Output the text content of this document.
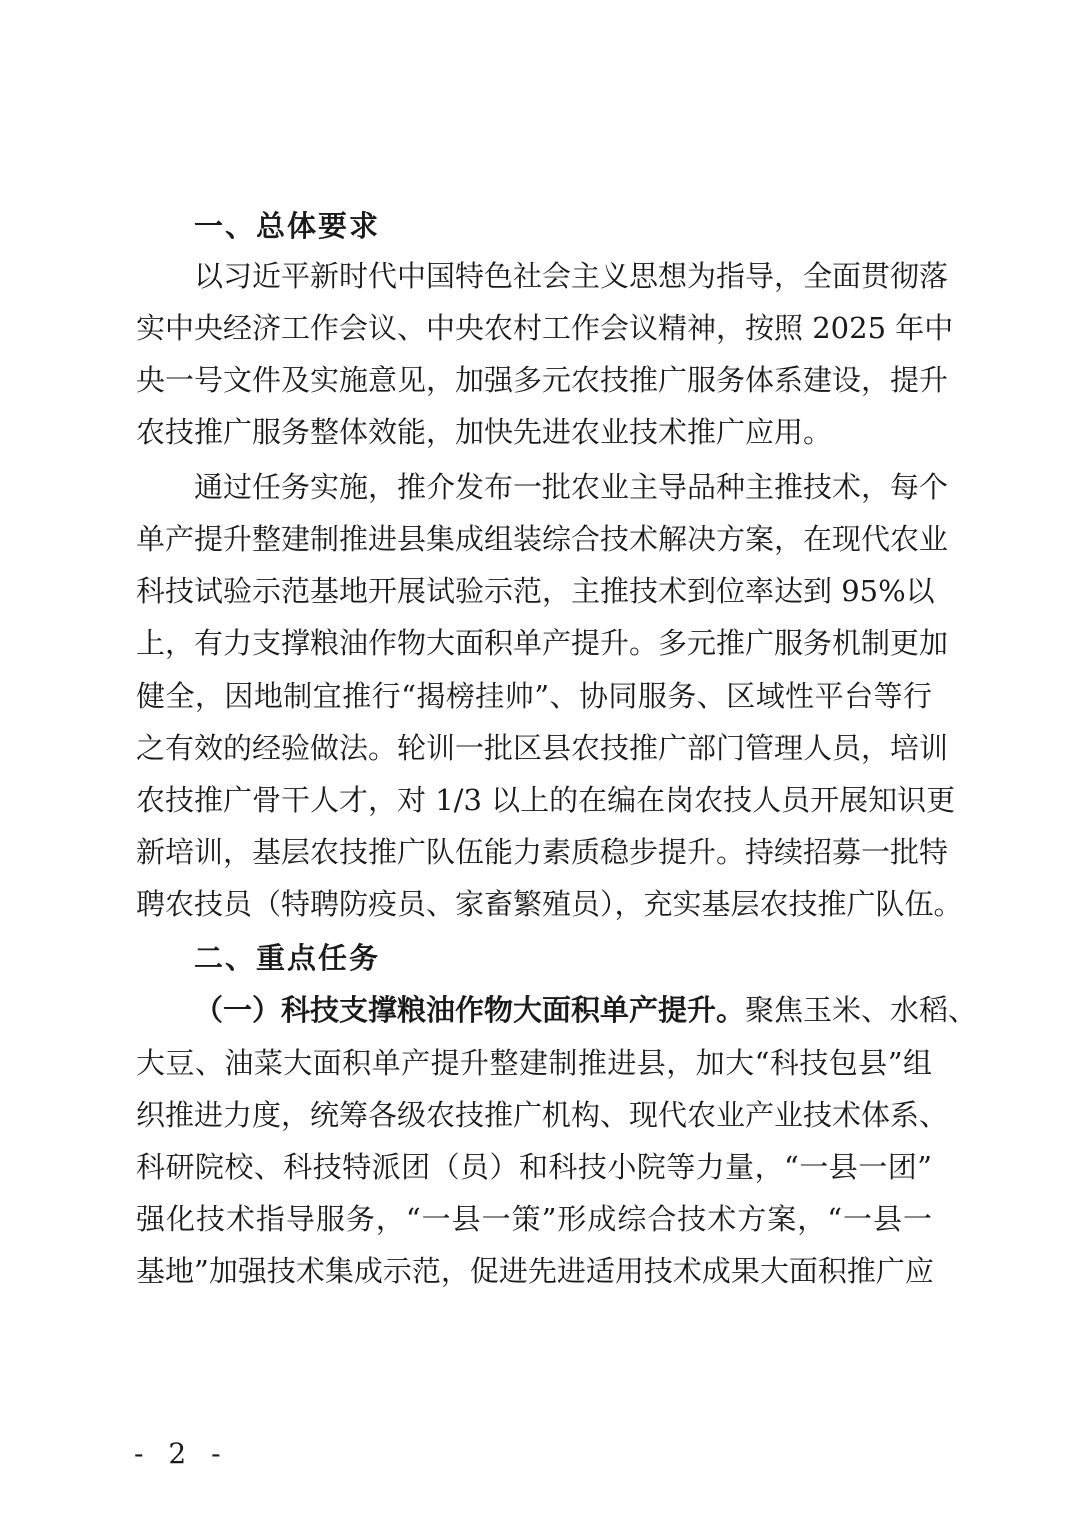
一、总体要求
以习近平新时代中国特色社会主义思想为指导，全面贯彻落
实中央经济工作会议、中央农村工作会议精神，按照 2025 年中
央一号文件及实施意见，加强多元农技推广服务体系建设，提升
农技推广服务整体效能，加快先进农业技术推广应用。
通过任务实施，推介发布一批农业主导品种主推技术，每个
单产提升整建制推进县集成组装综合技术解决方案，在现代农业
科技试验示范基地开展试验示范，主推技术到位率达到 95%以
上，有力支撑粮油作物大面积单产提升。多元推广服务机制更加
健全，因地制宜推行“揭榜挂帅”、协同服务、区域性平台等行
之有效的经验做法。轮训一批区县农技推广部门管理人员，培训
农技推广骨干人才，对 1/3 以上的在编在岗农技人员开展知识更
新培训，基层农技推广队伍能力素质稳步提升。持续招募一批特
聘农技员（特聘防疫员、家畜繁殖员），充实基层农技推广队伍。
二、重点任务
（一）科技支撑粮油作物大面积单产提升。聚焦玉米、水稻、
大豆、油菜大面积单产提升整建制推进县，加大“科技包县”组
织推进力度，统筹各级农技推广机构、现代农业产业技术体系、
科研院校、科技特派团（员）和科技小院等力量，“一县一团”
强化技术指导服务，“一县一策”形成综合技术方案，“一县一
基地”加强技术集成示范，促进先进适用技术成果大面积推广应
- 2 -
